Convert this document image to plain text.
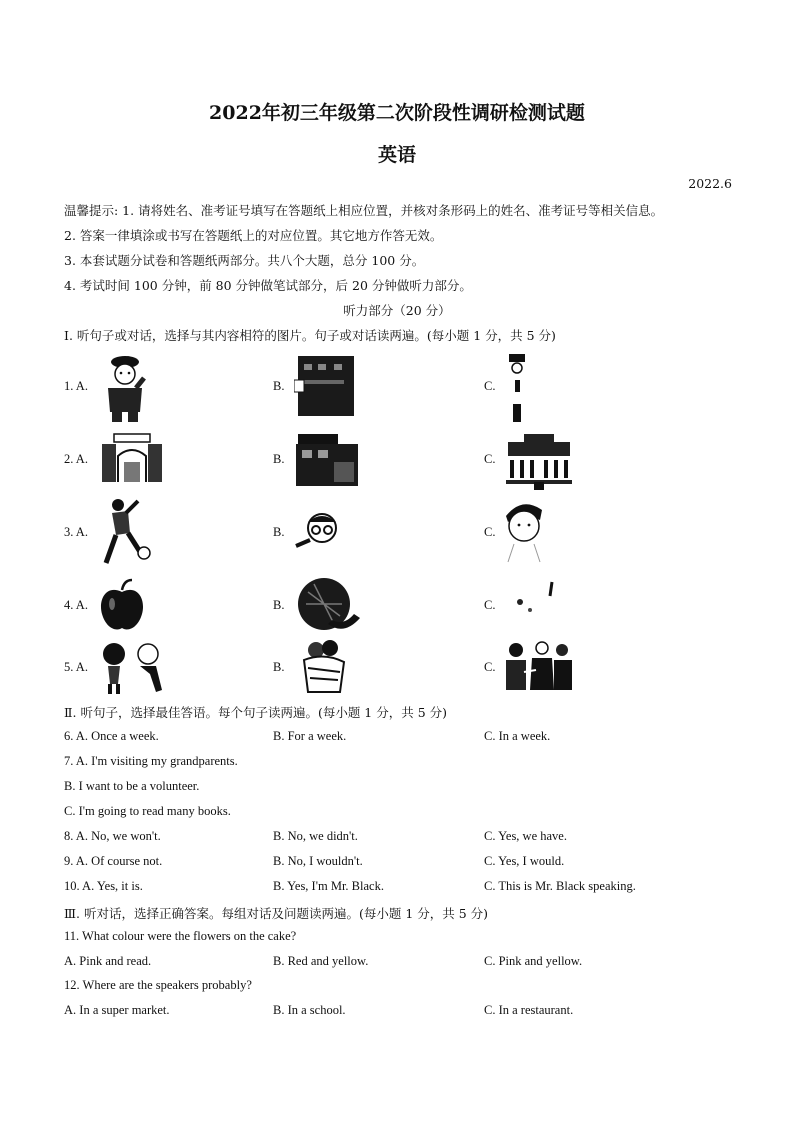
2022年初三年级第二次阶段性调研检测试题
英语
2022.6
温馨提示: 1. 请将姓名、准考证号填写在答题纸上相应位置，并核对条形码上的姓名、准考证号等相关信息。
2. 答案一律填涂或书写在答题纸上的对应位置。其它地方作答无效。
3. 本套试题分试卷和答题纸两部分。共八个大题，总分 100 分。
4. 考试时间 100 分钟，前 80 分钟做笔试部分，后 20 分钟做听力部分。
听力部分（20 分）
Ⅰ. 听句子或对话，选择与其内容相符的图片。句子或对话读两遍。(每小题 1 分，共 5 分)
1. A.	B.	C.
2. A.	B.	C.
3. A.	B.	C.
4. A.	B.	C.
5. A.	B.	C.
Ⅱ. 听句子，选择最佳答语。每个句子读两遍。(每小题 1 分，共 5 分)
6. A. Once a week.	B. For a week.	C. In a week.
7. A. I'm visiting my grandparents.
B. I want to be a volunteer.
C. I'm going to read many books.
8. A. No, we won't.	B. No, we didn't.	C. Yes, we have.
9. A. Of course not.	B. No, I wouldn't.	C. Yes, I would.
10. A. Yes, it is.	B. Yes, I'm Mr. Black.	C. This is Mr. Black speaking.
Ⅲ. 听对话，选择正确答案。每组对话及问题读两遍。(每小题 1 分，共 5 分)
11. What colour were the flowers on the cake?
A. Pink and read.	B. Red and yellow.	C. Pink and yellow.
12. Where are the speakers probably?
A. In a super market.	B. In a school.	C. In a restaurant.
